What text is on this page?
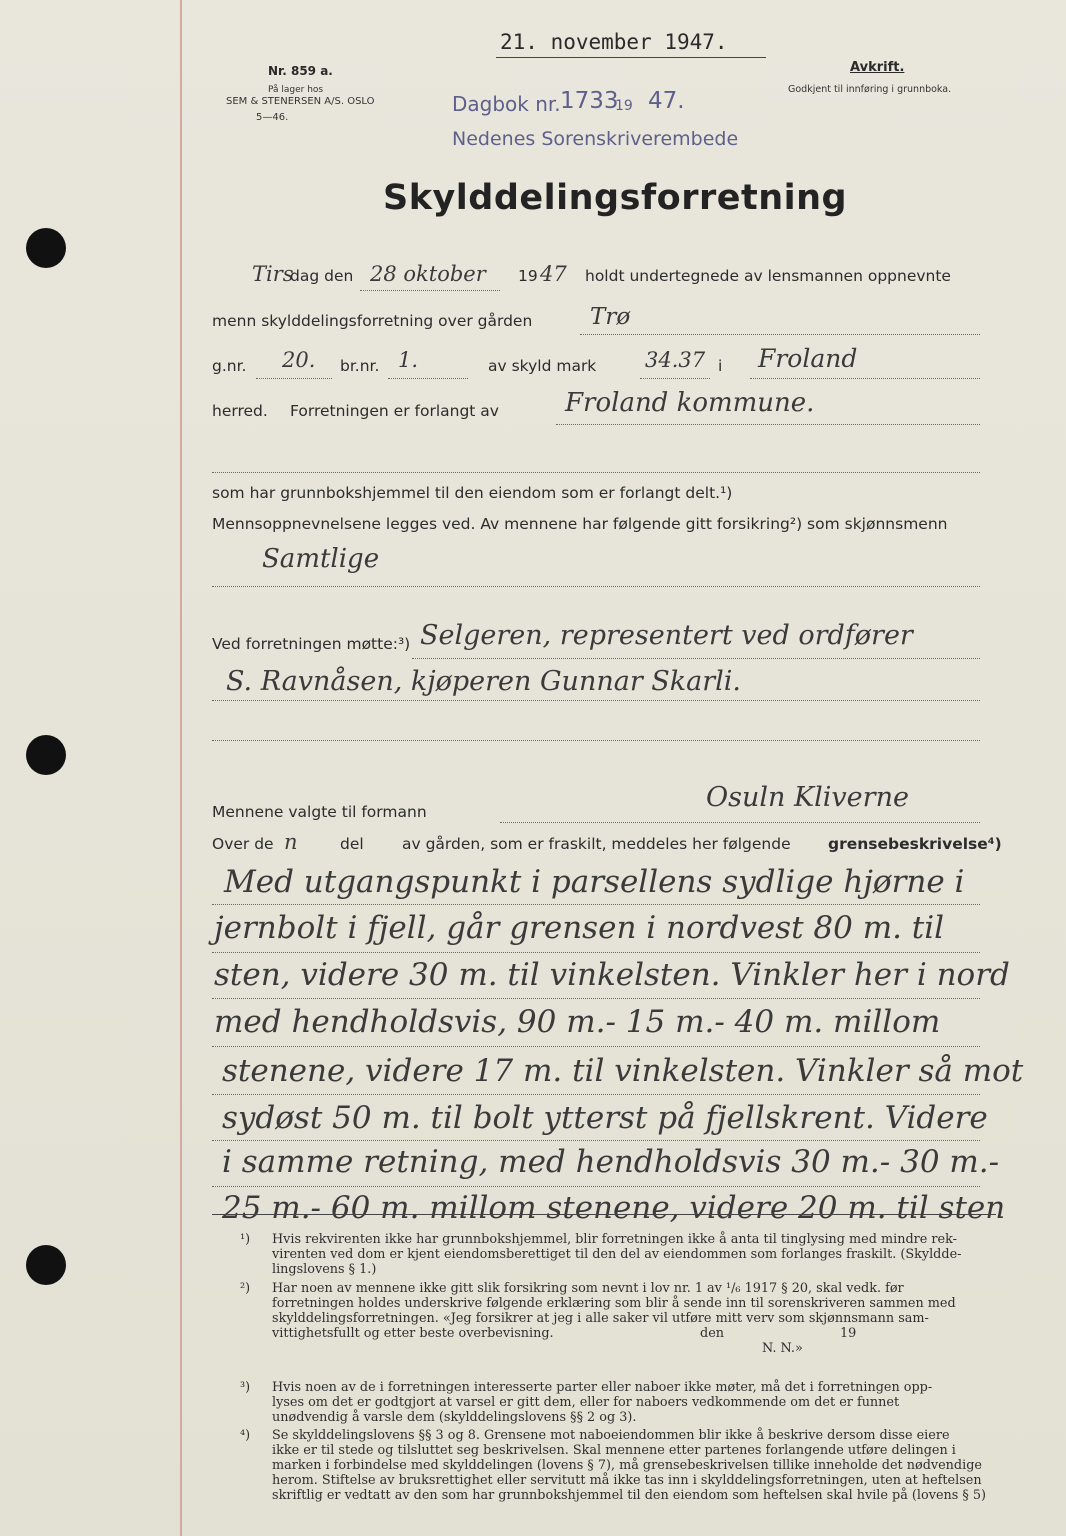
Nr. 859 a.
På lager hos
SEM & STENERSEN A/S. OSLO
5—46.
21. november 1947.
Dagbok nr. 1733
19 47.
Nedenes Sorenskriverembede
Avkrift.
Godkjent til innføring i grunnboka.
Skylddelingsforretning
Tirs
dag den 28 oktober 19 47 holdt undertegnede av lensmannen oppnevnte
menn skylddelingsforretning over gården	Trø
g.nr. 20. br.nr. 1.	av skyld mark 34.37 i Froland
herred. Forretningen er forlangt av	Froland kommune.
som har grunnbokshjemmel til den eiendom som er forlangt delt.¹)
Mennsoppnevnelsene legges ved. Av mennene har følgende gitt forsikring²) som skjønnsmenn
Samtlige
Ved forretningen møtte:³) Selgeren, representert ved ordfører
S. Ravnåsen, kjøperen Gunnar Skarli.
Mennene valgte til formann	Osuln Kliverne
Over de n	del av gården, som er fraskilt, meddeles her følgende grensebeskrivelse⁴)
Med utgangspunkt i parsellens sydlige hjørne i
jernbolt i fjell, går grensen i nordvest 80 m. til
sten, videre 30 m. til vinkelsten. Vinkler her i nord
med hendholdsvis, 90 m.- 15 m.- 40 m. millom
stenene, videre 17 m. til vinkelsten. Vinkler så mot
sydøst 50 m. til bolt ytterst på fjellskrent. Videre
i samme retning, med hendholdsvis 30 m.- 30 m.-
25 m.- 60 m. millom stenene, videre 20 m. til sten
¹) Hvis rekvirenten ikke har grunnbokshjemmel, blir forretningen ikke å anta til tinglysing med mindre rek-
virenten ved dom er kjent eiendomsberettiget til den del av eiendommen som forlanges fraskilt. (Skyldde-
lingslovens § 1.)
²) Har noen av mennene ikke gitt slik forsikring som nevnt i lov nr. 1 av ¹/₆ 1917 § 20, skal vedk. før
forretningen holdes underskrive følgende erklæring som blir å sende inn til sorenskriveren sammen med
skylddelingsforretningen. «Jeg forsikrer at jeg i alle saker vil utføre mitt verv som skjønnsmann sam-
vittighetsfullt og etter beste overbevisning.	den	19
N. N.»
³) Hvis noen av de i forretningen interesserte parter eller naboer ikke møter, må det i forretningen opp-
lyses om det er godtgjort at varsel er gitt dem, eller for naboers vedkommende om det er funnet
unødvendig å varsle dem (skylddelingslovens §§ 2 og 3).
⁴) Se skylddelingslovens §§ 3 og 8. Grensene mot naboeiendommen blir ikke å beskrive dersom disse eiere
ikke er til stede og tilsluttet seg beskrivelsen. Skal mennene etter partenes forlangende utføre delingen i
marken i forbindelse med skylddelingen (lovens § 7), må grensebeskrivelsen tillike inneholde det nødvendige
herom. Stiftelse av bruksrettighet eller servitutt må ikke tas inn i skylddelingsforretningen, uten at heftelsen
skriftlig er vedtatt av den som har grunnbokshjemmel til den eiendom som heftelsen skal hvile på (lovens § 5)
